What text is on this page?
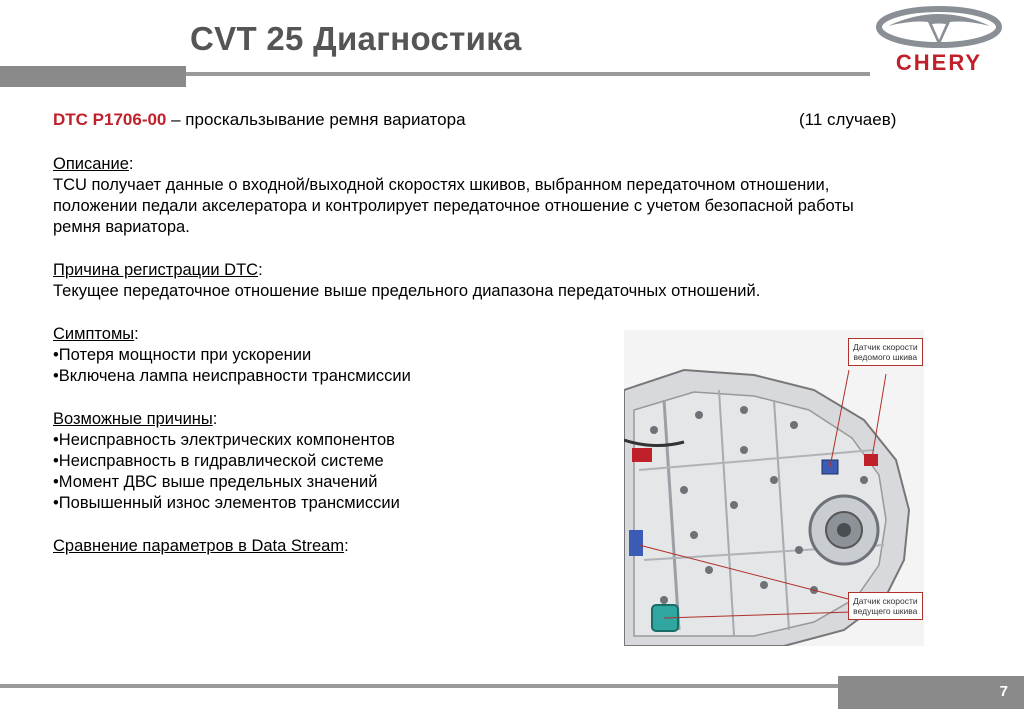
CVT 25 Диагностика
CHERY
DTC P1706-00 – проскальзывание ремня вариатора	(11 случаев)

Описание:

TCU получает данные о входной/выходной скоростях шкивов, выбранном передаточном отношении,

положении педали акселератора и контролирует передаточное отношение с учетом безопасной работы

ремня вариатора.

Причина регистрации DTC:

Текущее передаточное отношение выше предельного диапазона передаточных отношений.

Симптомы:

•Потеря мощности при ускорении

•Включена лампа неисправности трансмиссии

Возможные причины:

•Неисправность электрических компонентов

•Неисправность в гидравлической системе

•Момент ДВС выше предельных значений

•Повышенный износ элементов трансмиссии

Сравнение параметров в Data Stream:

Датчик скорости
ведомого шкива
Датчик скорости
ведущего шкива
7
